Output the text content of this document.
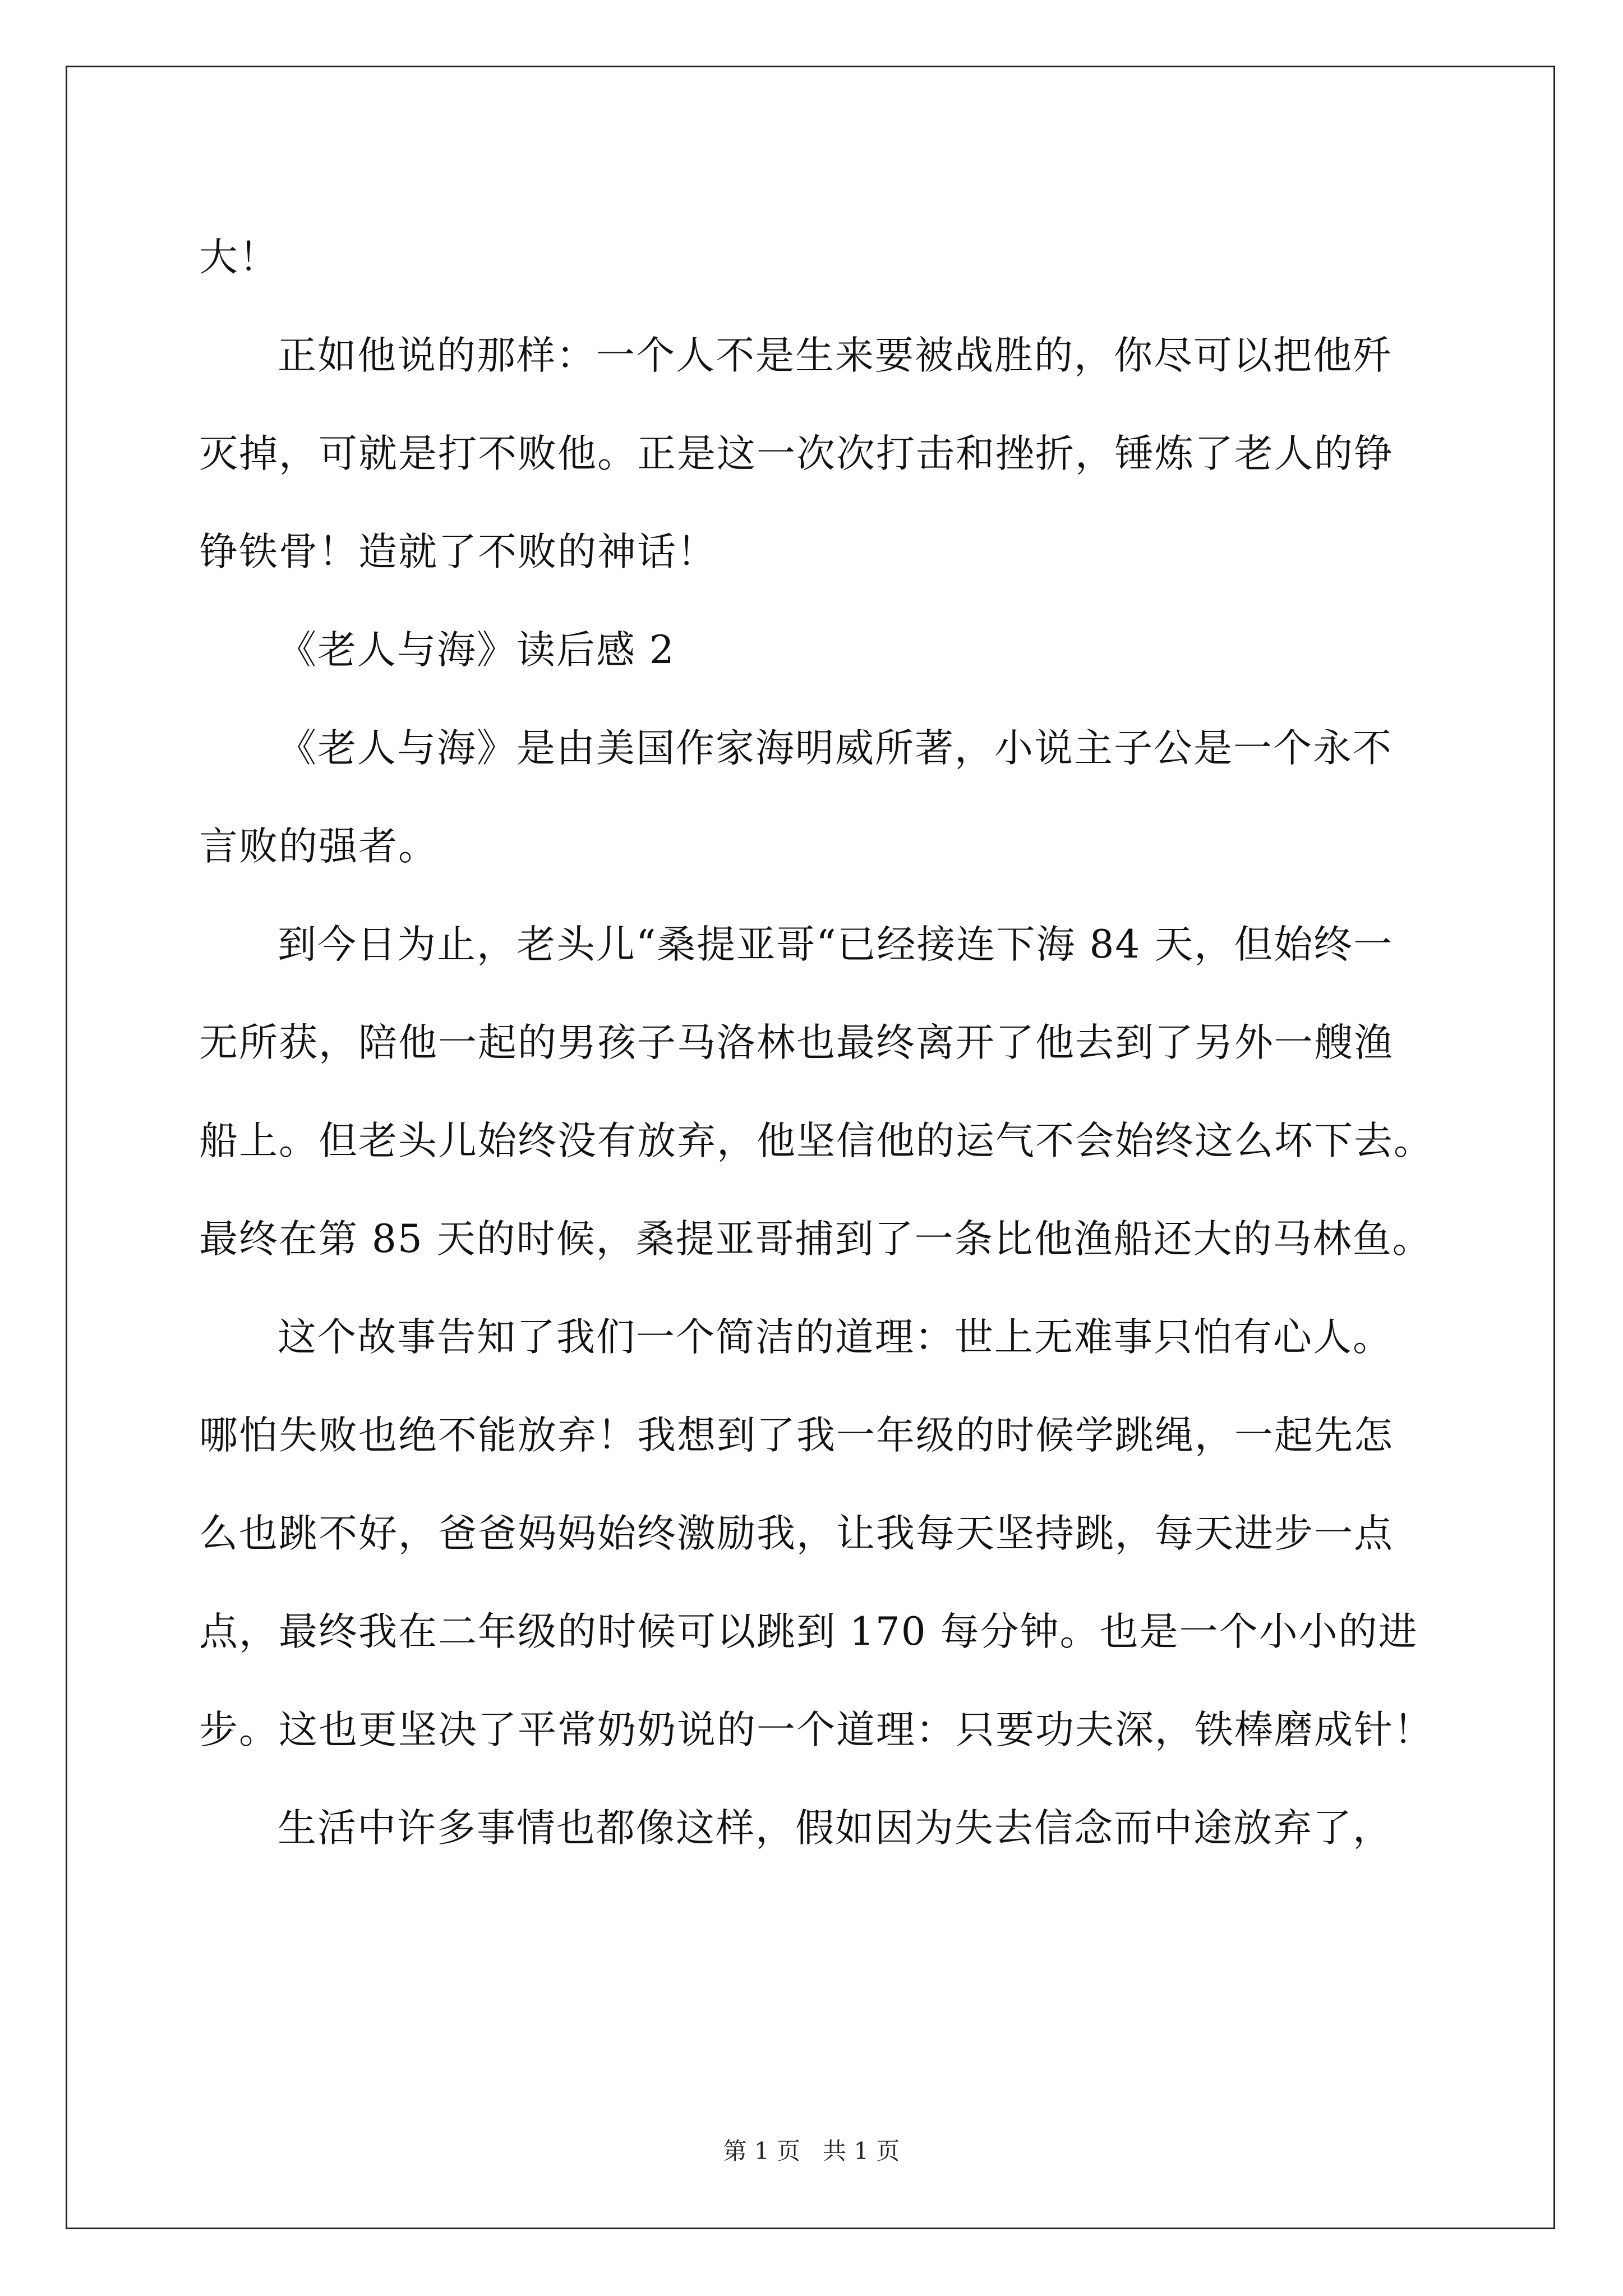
大！
正如他说的那样：一个人不是生来要被战胜的，你尽可以把他歼
灭掉，可就是打不败他。正是这一次次打击和挫折，锤炼了老人的铮
铮铁骨！造就了不败的神话！
《老人与海》读后感 2
《老人与海》是由美国作家海明威所著，小说主子公是一个永不
言败的强者。
到今日为止，老头儿“桑提亚哥“已经接连下海 84 天，但始终一
无所获，陪他一起的男孩子马洛林也最终离开了他去到了另外一艘渔
船上。但老头儿始终没有放弃，他坚信他的运气不会始终这么坏下去。
最终在第 85 天的时候，桑提亚哥捕到了一条比他渔船还大的马林鱼。
这个故事告知了我们一个简洁的道理：世上无难事只怕有心人。
哪怕失败也绝不能放弃！我想到了我一年级的时候学跳绳，一起先怎
么也跳不好，爸爸妈妈始终激励我，让我每天坚持跳，每天进步一点
点，最终我在二年级的时候可以跳到 170 每分钟。也是一个小小的进
步。这也更坚决了平常奶奶说的一个道理：只要功夫深，铁棒磨成针！
生活中许多事情也都像这样，假如因为失去信念而中途放弃了，
第 1 页 共 1 页
